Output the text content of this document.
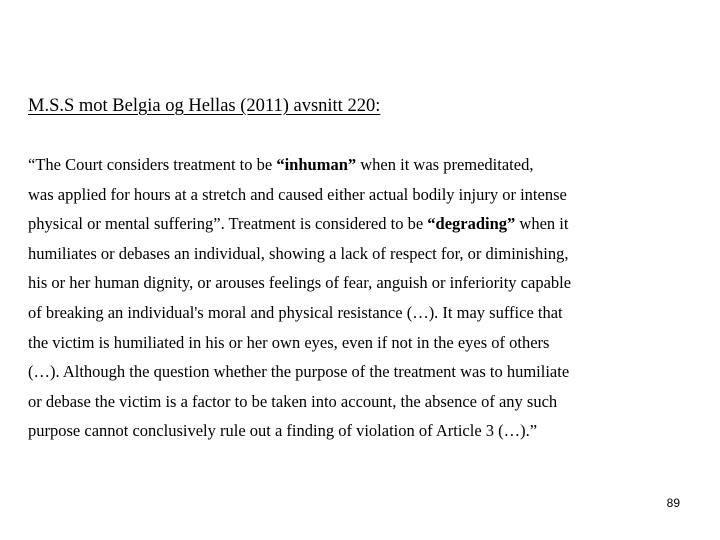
M.S.S mot Belgia og Hellas (2011) avsnitt 220:
“The Court considers treatment to be “inhuman” when it was premeditated,
was applied for hours at a stretch and caused either actual bodily injury or intense
physical or mental suffering”. Treatment is considered to be “degrading” when it
humiliates or debases an individual, showing a lack of respect for, or diminishing,
his or her human dignity, or arouses feelings of fear, anguish or inferiority capable
of breaking an individual's moral and physical resistance (…). It may suffice that
the victim is humiliated in his or her own eyes, even if not in the eyes of others
(…). Although the question whether the purpose of the treatment was to humiliate
or debase the victim is a factor to be taken into account, the absence of any such
purpose cannot conclusively rule out a finding of violation of Article 3 (…).”
89
